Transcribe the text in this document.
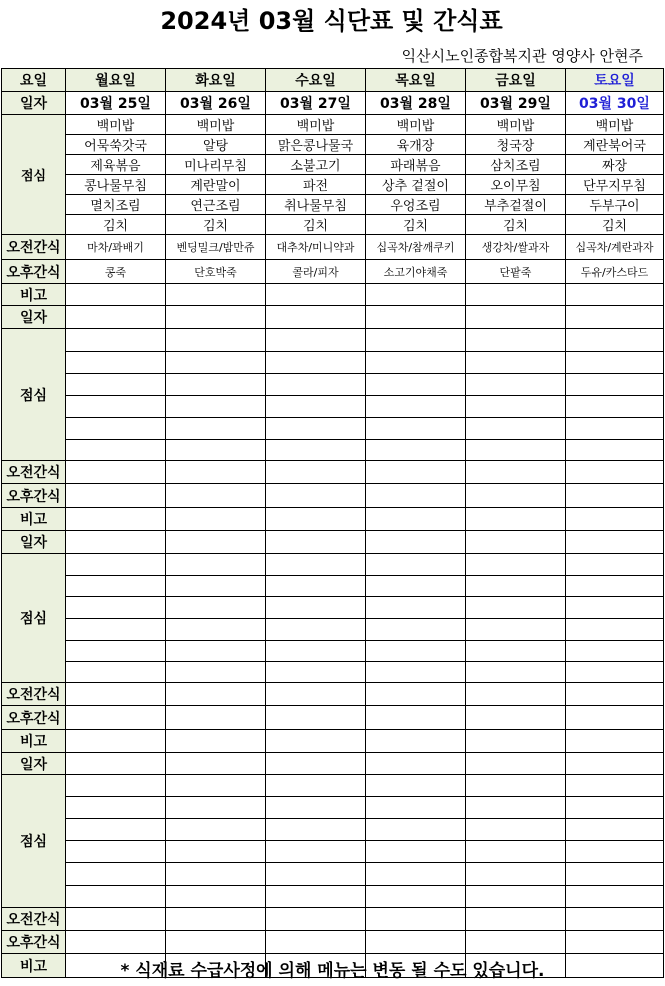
2024년 03월 식단표 및 간식표
익산시노인종합복지관 영양사 안현주
요일	월요일	화요일	수요일	목요일	금요일	토요일
일자	03월 25일	03월 26일	03월 27일	03월 28일	03월 29일	03월 30일
점심	백미밥	백미밥	백미밥	백미밥	백미밥	백미밥
	어묵쑥갓국	알탕	맑은콩나물국	육개장	청국장	계란북어국
	제육볶음	미나리무침	소불고기	파래볶음	삼치조림	짜장
	콩나물무침	계란말이	파전	상추 겉절이	오이무침	단무지무침
	멸치조림	연근조림	취나물무침	우엉조림	부추겉절이	두부구이
	김치	김치	김치	김치	김치	김치
오전간식	마차/꽈배기	벤딩밀크/밤만쥬	대추차/미니약과	십곡차/참깨쿠키	생강차/쌀과자	십곡차/계란과자
오후간식	콩죽	단호박죽	콜라/피자	소고기야채죽	단팥죽	두유/카스타드
비고						
일자						
점심						

오전간식						
오후간식						
비고						
일자						
점심						

오전간식						
오후간식						
비고						
일자						
점심						

오전간식						
오후간식						
비고							* 식재료 수급사정에 의해 메뉴는 변동 될 수도 있습니다.
